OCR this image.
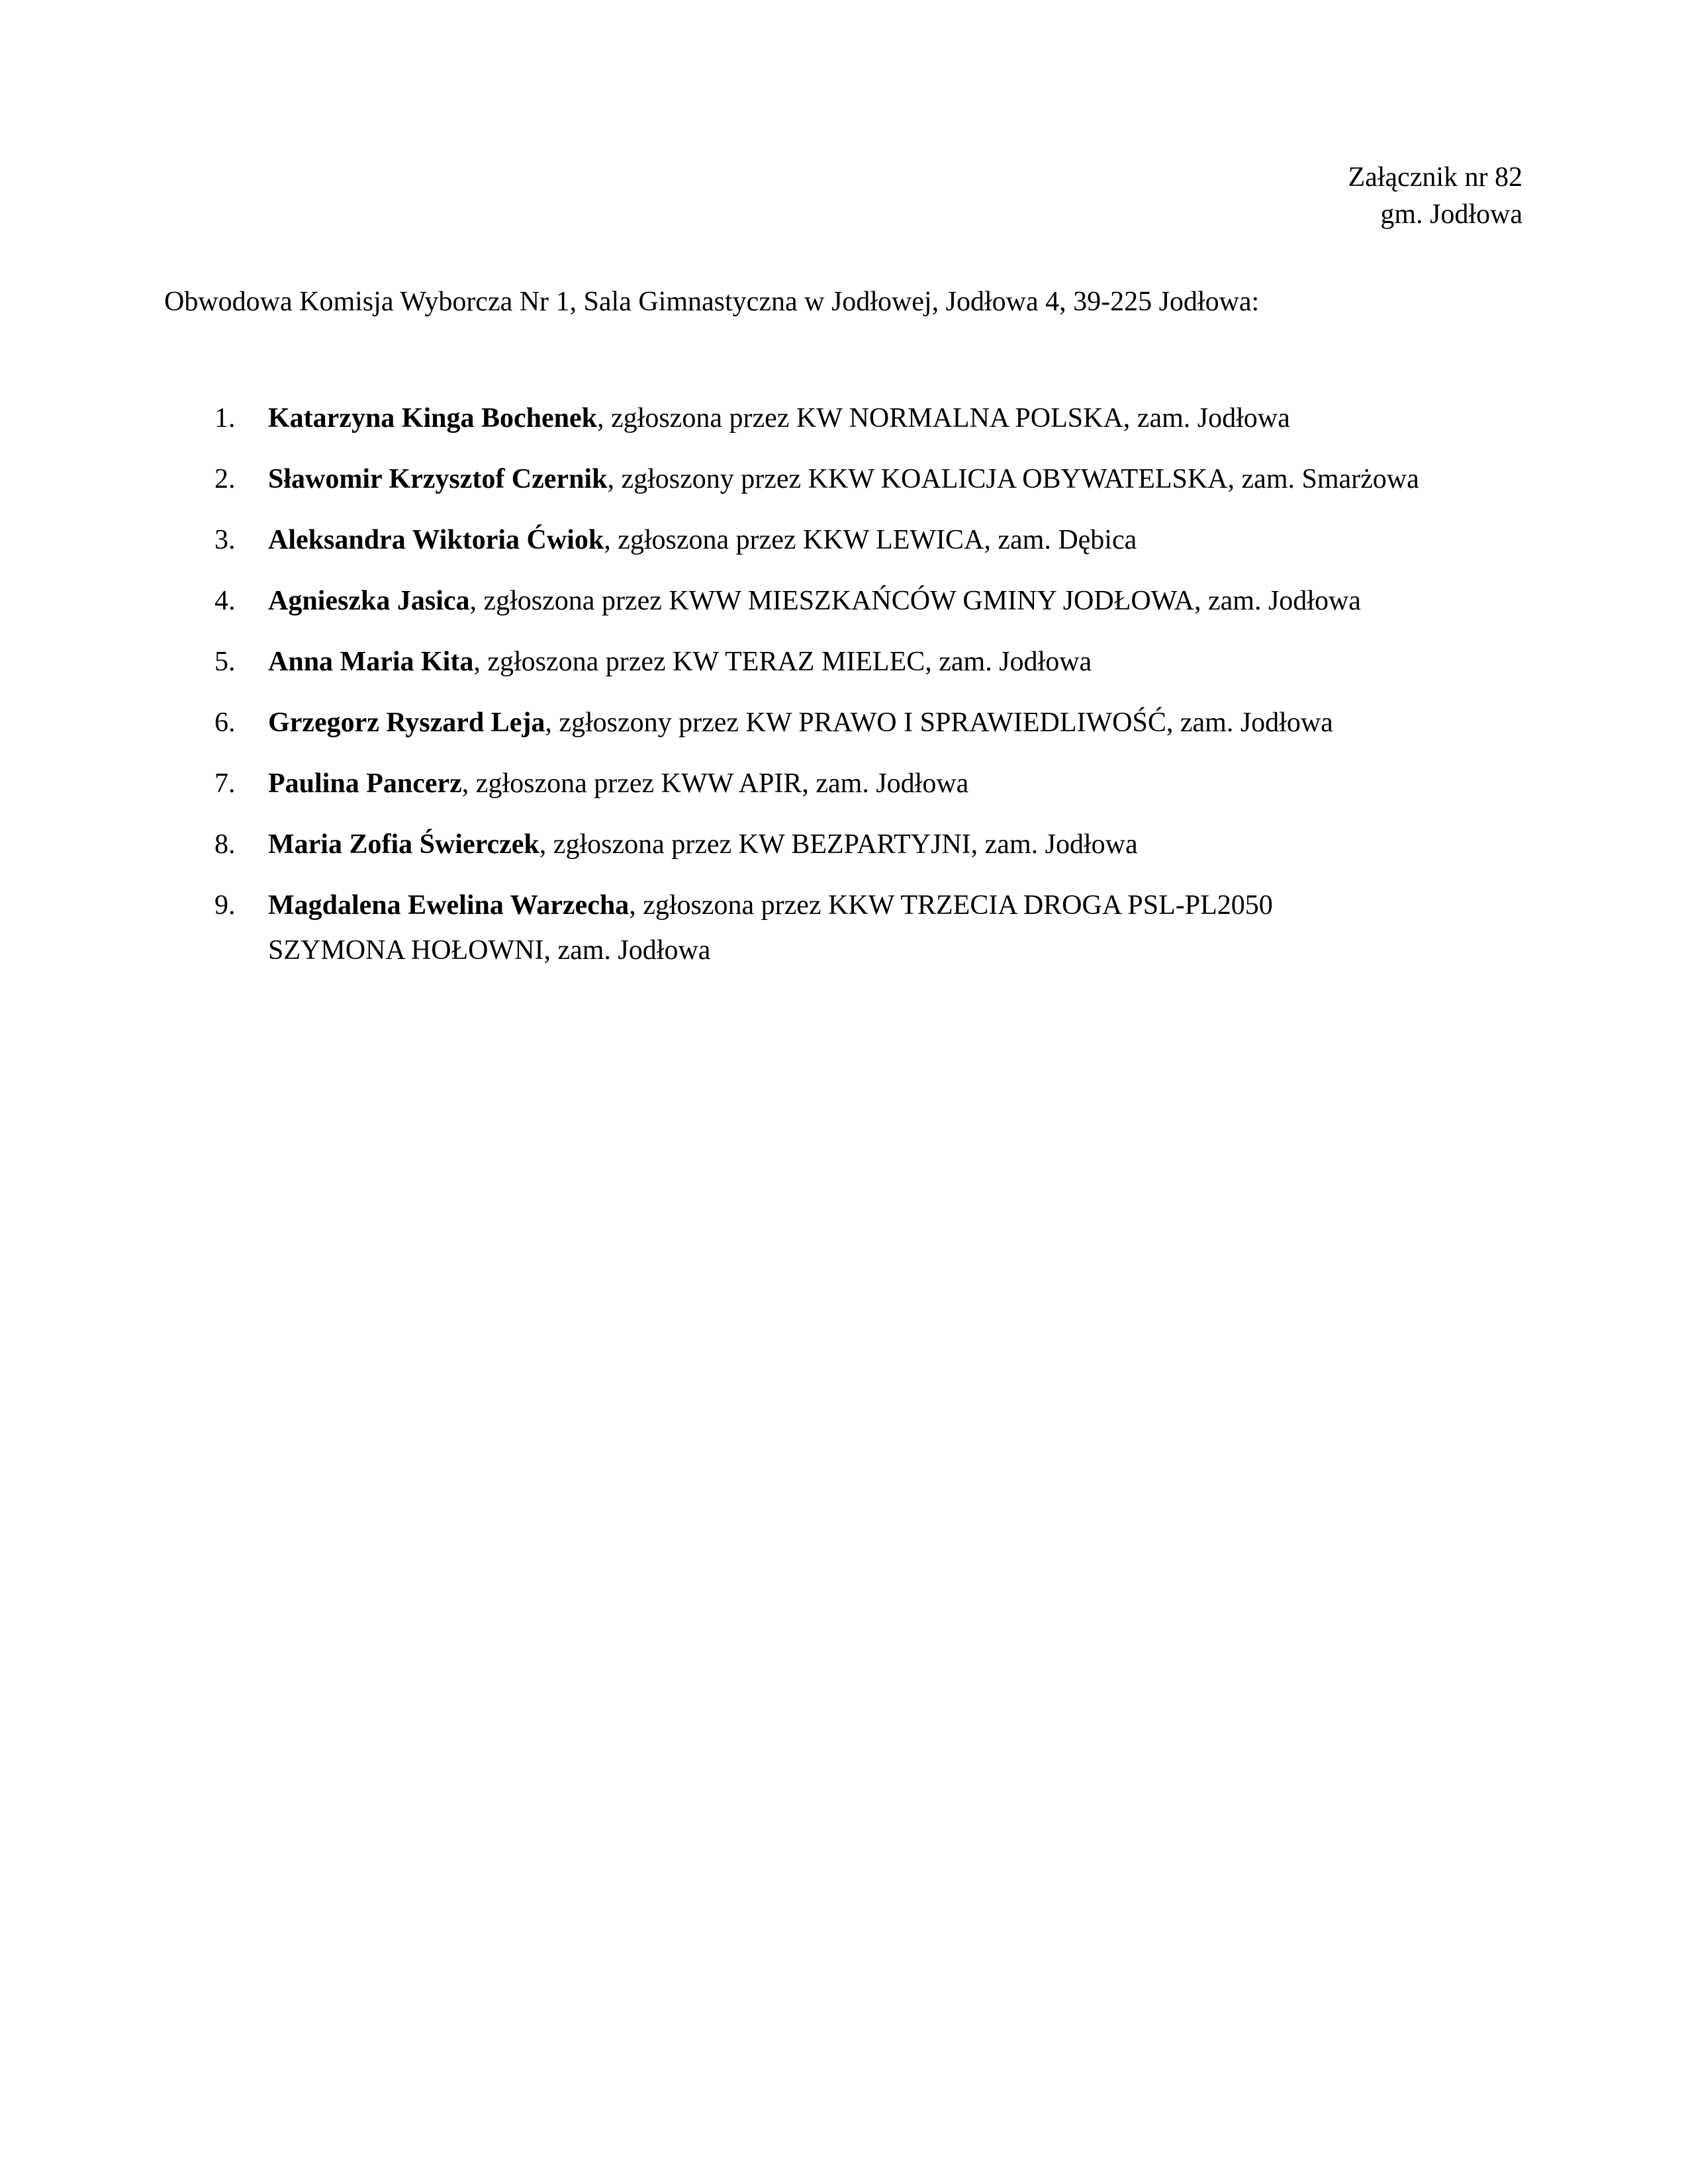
Załącznik nr 82
gm. Jodłowa
Obwodowa Komisja Wyborcza Nr 1, Sala Gimnastyczna w Jodłowej, Jodłowa 4, 39-225 Jodłowa:
1. Katarzyna Kinga Bochenek, zgłoszona przez KW NORMALNA POLSKA, zam. Jodłowa
2. Sławomir Krzysztof Czernik, zgłoszony przez KKW KOALICJA OBYWATELSKA, zam. Smarżowa
3. Aleksandra Wiktoria Ćwiok, zgłoszona przez KKW LEWICA, zam. Dębica
4. Agnieszka Jasica, zgłoszona przez KWW MIESZKAŃCÓW GMINY JODŁOWA, zam. Jodłowa
5. Anna Maria Kita, zgłoszona przez KW TERAZ MIELEC, zam. Jodłowa
6. Grzegorz Ryszard Leja, zgłoszony przez KW PRAWO I SPRAWIEDLIWOŚĆ, zam. Jodłowa
7. Paulina Pancerz, zgłoszona przez KWW APIR, zam. Jodłowa
8. Maria Zofia Świerczek, zgłoszona przez KW BEZPARTYJNI, zam. Jodłowa
9. Magdalena Ewelina Warzecha, zgłoszona przez KKW TRZECIA DROGA PSL-PL2050 SZYMONA HOŁOWNI, zam. Jodłowa
